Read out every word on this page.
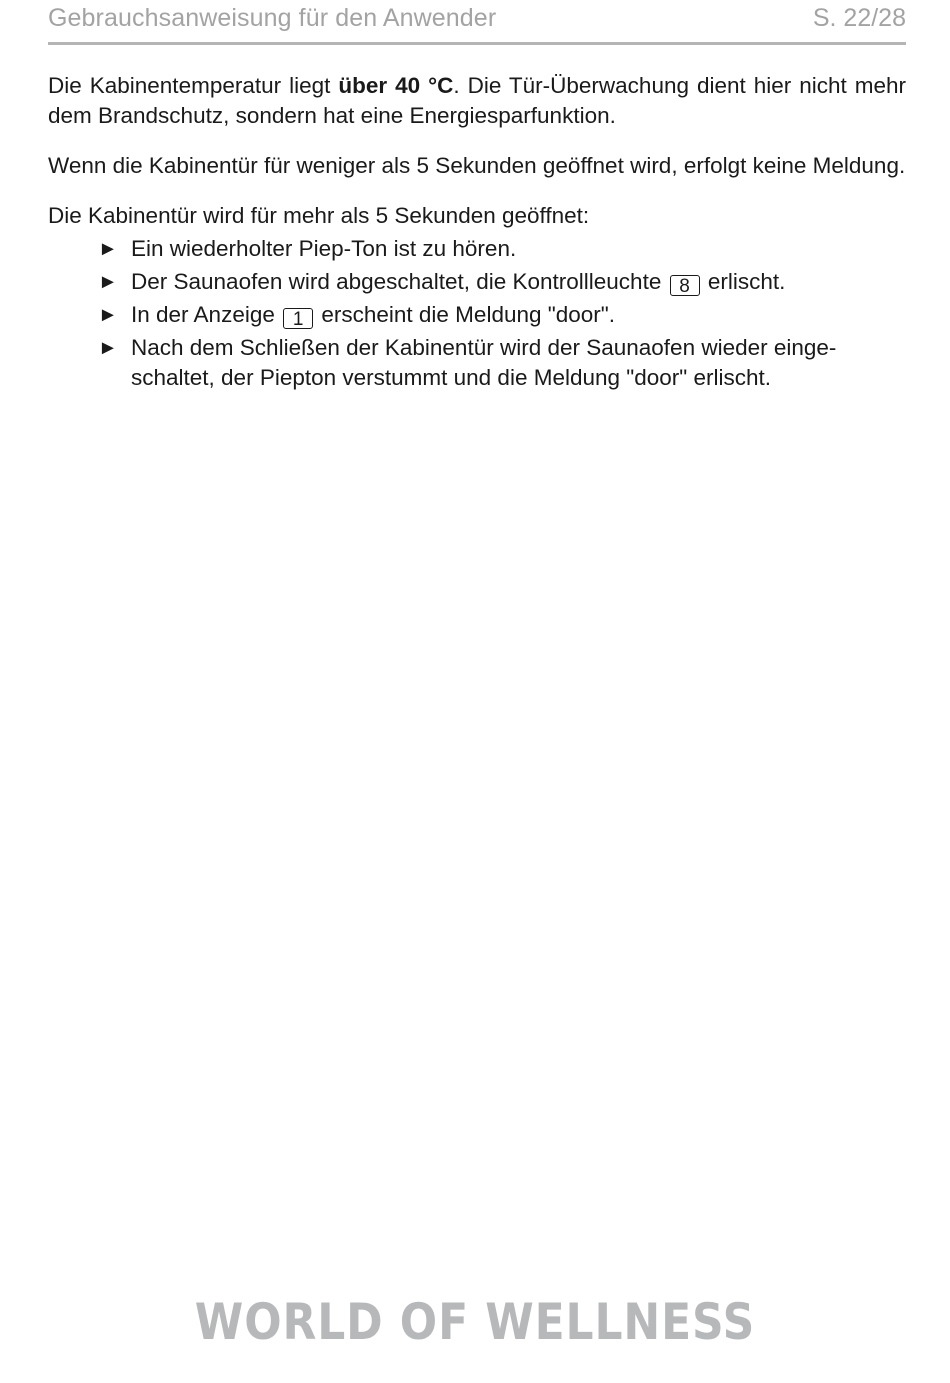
Gebrauchsanweisung für den Anwender	S. 22/28

Die Kabinentemperatur liegt über 40 °C. Die Tür-Überwachung dient hier nicht mehr dem Brandschutz, sondern hat eine Energiesparfunktion.

Wenn die Kabinentür für weniger als 5 Sekunden geöffnet wird, erfolgt keine Meldung.

Die Kabinentür wird für mehr als 5 Sekunden geöffnet:

► Ein wiederholter Piep-Ton ist zu hören.
► Der Saunaofen wird abgeschaltet, die Kontrollleuchte 8 erlischt.
► In der Anzeige 1 erscheint die Meldung "door".
► Nach dem Schließen der Kabinentür wird der Saunaofen wieder einge-schaltet, der Piepton verstummt und die Meldung "door" erlischt.
WORLD OF WELLNESS
